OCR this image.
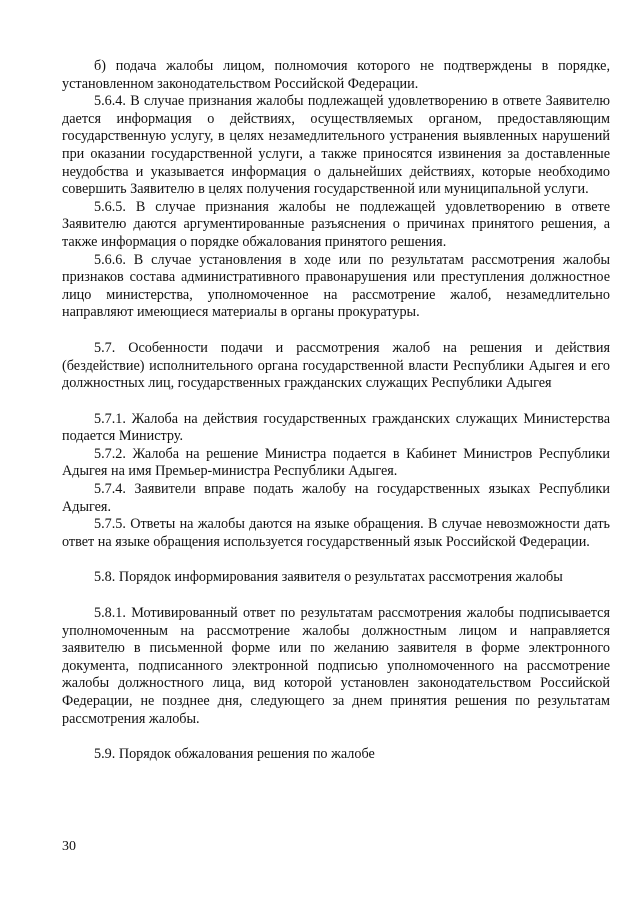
б) подача жалобы лицом, полномочия которого не подтверждены в порядке, установленном законодательством Российской Федерации.

5.6.4. В случае признания жалобы подлежащей удовлетворению в ответе Заявителю дается информация о действиях, осуществляемых органом, предоставляющим государственную услугу, в целях незамедлительного устранения выявленных нарушений при оказании государственной услуги, а также приносятся извинения за доставленные неудобства и указывается информация о дальнейших действиях, которые необходимо совершить Заявителю в целях получения государственной или муниципальной услуги.

5.6.5. В случае признания жалобы не подлежащей удовлетворению в ответе Заявителю даются аргументированные разъяснения о причинах принятого решения, а также информация о порядке обжалования принятого решения.

5.6.6. В случае установления в ходе или по результатам рассмотрения жалобы признаков состава административного правонарушения или преступления должностное лицо министерства, уполномоченное на рассмотрение жалоб, незамедлительно направляют имеющиеся материалы в органы прокуратуры.

5.7. Особенности подачи и рассмотрения жалоб на решения и действия (бездействие) исполнительного органа государственной власти Республики Адыгея и его должностных лиц, государственных гражданских служащих Республики Адыгея

5.7.1. Жалоба на действия государственных гражданских служащих Министерства подается Министру.

5.7.2. Жалоба на решение Министра подается в Кабинет Министров Республики Адыгея на имя Премьер-министра Республики Адыгея.

5.7.4. Заявители вправе подать жалобу на государственных языках Республики Адыгея.

5.7.5. Ответы на жалобы даются на языке обращения. В случае невозможности дать ответ на языке обращения используется государственный язык Российской Федерации.

5.8. Порядок информирования заявителя о результатах рассмотрения жалобы

5.8.1. Мотивированный ответ по результатам рассмотрения жалобы подписывается уполномоченным на рассмотрение жалобы должностным лицом и направляется заявителю в письменной форме или по желанию заявителя в форме электронного документа, подписанного электронной подписью уполномоченного на рассмотрение жалобы должностного лица, вид которой установлен законодательством Российской Федерации, не позднее дня, следующего за днем принятия решения по результатам рассмотрения жалобы.

5.9. Порядок обжалования решения по жалобе

30
